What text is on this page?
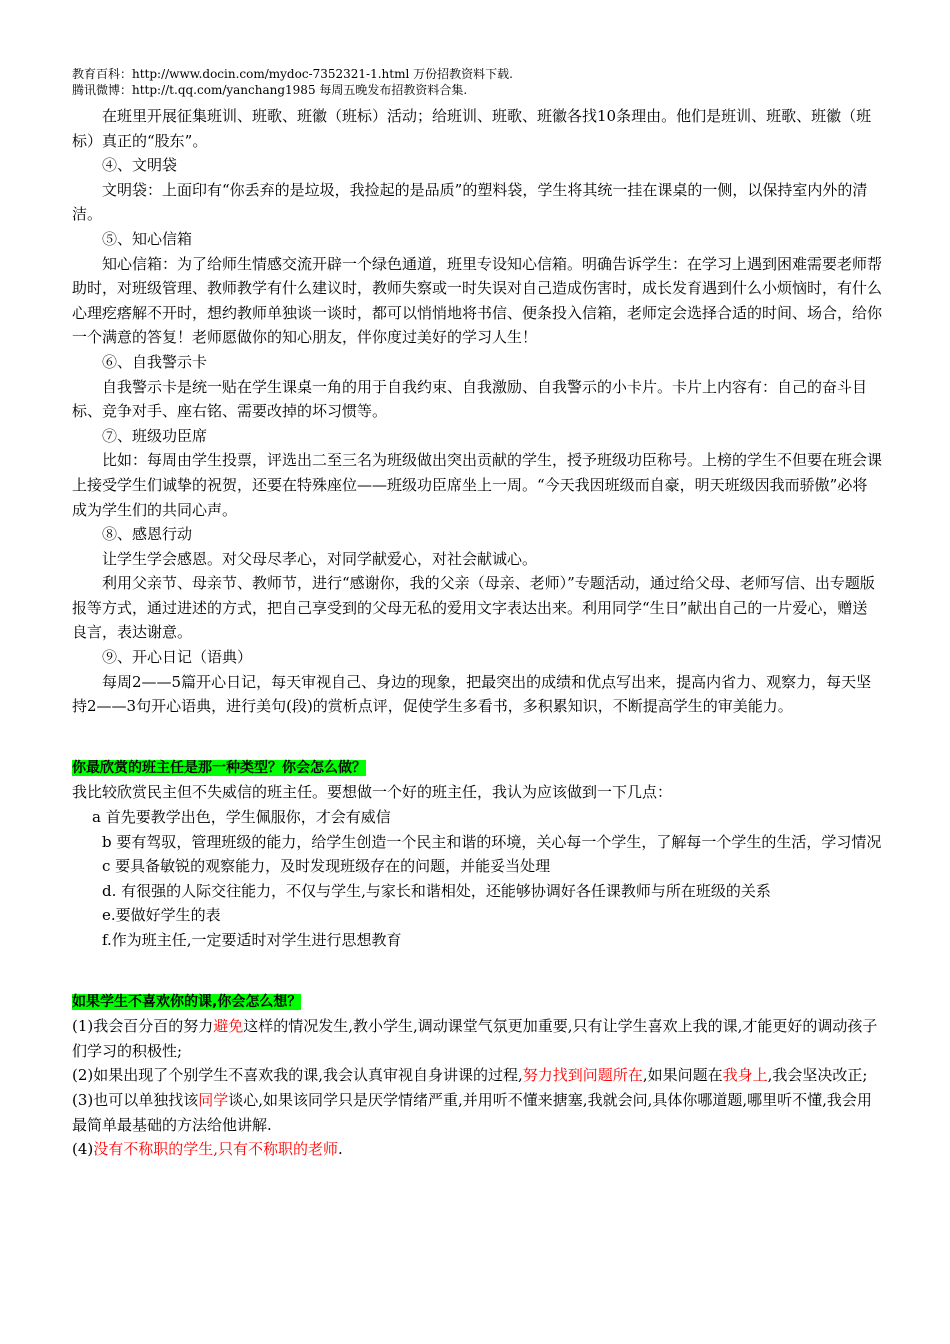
教育百科：http://www.docin.com/mydoc-7352321-1.html 万份招教资料下载.

腾讯微博：http://t.qq.com/yanchang1985 每周五晚发布招教资料合集.

在班里开展征集班训、班歌、班徽（班标）活动；给班训、班歌、班徽各找10条理由。他们是班训、班歌、班徽（班标）真正的“股东”。

④、文明袋

文明袋：上面印有“你丢弃的是垃圾，我捡起的是品质”的塑料袋，学生将其统一挂在课桌的一侧，以保持室内外的清洁。

⑤、知心信箱

知心信箱：为了给师生情感交流开辟一个绿色通道，班里专设知心信箱。明确告诉学生：在学习上遇到困难需要老师帮助时，对班级管理、教师教学有什么建议时，教师失察或一时失误对自己造成伤害时，成长发育遇到什么小烦恼时，有什么心理疙瘩解不开时，想约教师单独谈一谈时，都可以悄悄地将书信、便条投入信箱，老师定会选择合适的时间、场合，给你一个满意的答复！老师愿做你的知心朋友，伴你度过美好的学习人生！

⑥、自我警示卡

自我警示卡是统一贴在学生课桌一角的用于自我约束、自我激励、自我警示的小卡片。卡片上内容有：自己的奋斗目标、竞争对手、座右铭、需要改掉的坏习惯等。

⑦、班级功臣席

比如：每周由学生投票，评选出二至三名为班级做出突出贡献的学生，授予班级功臣称号。上榜的学生不但要在班会课上接受学生们诚挚的祝贺，还要在特殊座位——班级功臣席坐上一周。“今天我因班级而自豪，明天班级因我而骄傲”必将成为学生们的共同心声。

⑧、感恩行动

让学生学会感恩。对父母尽孝心，对同学献爱心，对社会献诚心。

利用父亲节、母亲节、教师节，进行“感谢你，我的父亲（母亲、老师）”专题活动，通过给父母、老师写信、出专题版报等方式，通过进述的方式，把自己享受到的父母无私的爱用文字表达出来。利用同学“生日”献出自己的一片爱心，赠送良言，表达谢意。

⑨、开心日记（语典）

每周2——5篇开心日记，每天审视自己、身边的现象，把最突出的成绩和优点写出来，提高内省力、观察力，每天坚持2——3句开心语典，进行美句(段)的赏析点评，促使学生多看书，多积累知识，不断提高学生的审美能力。

你最欣赏的班主任是那一种类型？你会怎么做？

我比较欣赏民主但不失威信的班主任。要想做一个好的班主任，我认为应该做到一下几点：

a 首先要教学出色，学生佩服你，才会有威信

b 要有驾驭，管理班级的能力，给学生创造一个民主和谐的环境，关心每一个学生，了解每一个学生的生活，学习情况

c 要具备敏锐的观察能力，及时发现班级存在的问题，并能妥当处理

d. 有很强的人际交往能力，不仅与学生,与家长和谐相处，还能够协调好各任课教师与所在班级的关系

e.要做好学生的表

f.作为班主任,一定要适时对学生进行思想教育

如果学生不喜欢你的课,你会怎么想？

(1)我会百分百的努力避免这样的情况发生,教小学生,调动课堂气氛更加重要,只有让学生喜欢上我的课,才能更好的调动孩子们学习的积极性;

(2)如果出现了个别学生不喜欢我的课,我会认真审视自身讲课的过程,努力找到问题所在,如果问题在我身上,我会坚决改正;

(3)也可以单独找该同学谈心,如果该同学只是厌学情绪严重,并用听不懂来搪塞,我就会问,具体你哪道题,哪里听不懂,我会用最简单最基础的方法给他讲解.

(4)没有不称职的学生,只有不称职的老师.
